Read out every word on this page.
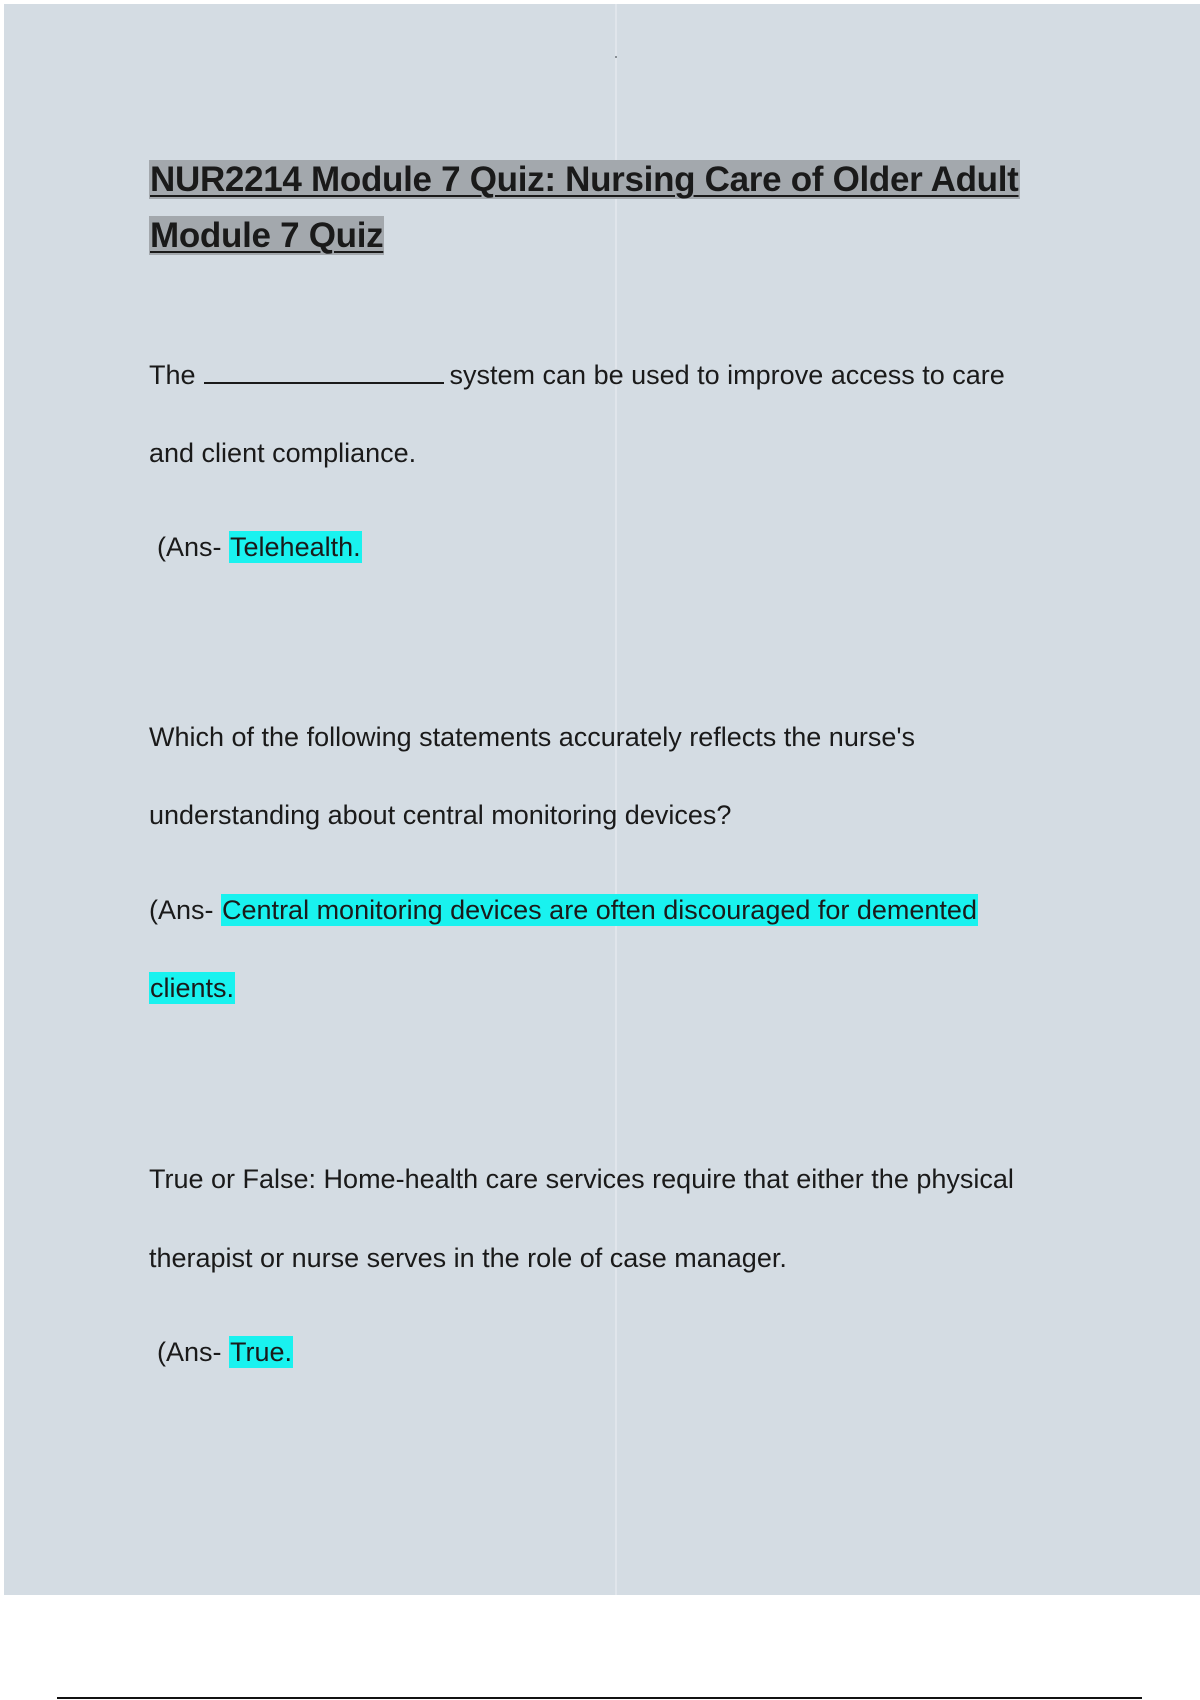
NUR2214 Module 7 Quiz: Nursing Care of Older Adult
Module 7 Quiz
The	system can be used to improve access to care
and client compliance.
(Ans- Telehealth.
Which of the following statements accurately reflects the nurse's
understanding about central monitoring devices?
(Ans- Central monitoring devices are often discouraged for demented
clients.
True or False: Home-health care services require that either the physical
therapist or nurse serves in the role of case manager.
(Ans- True.
